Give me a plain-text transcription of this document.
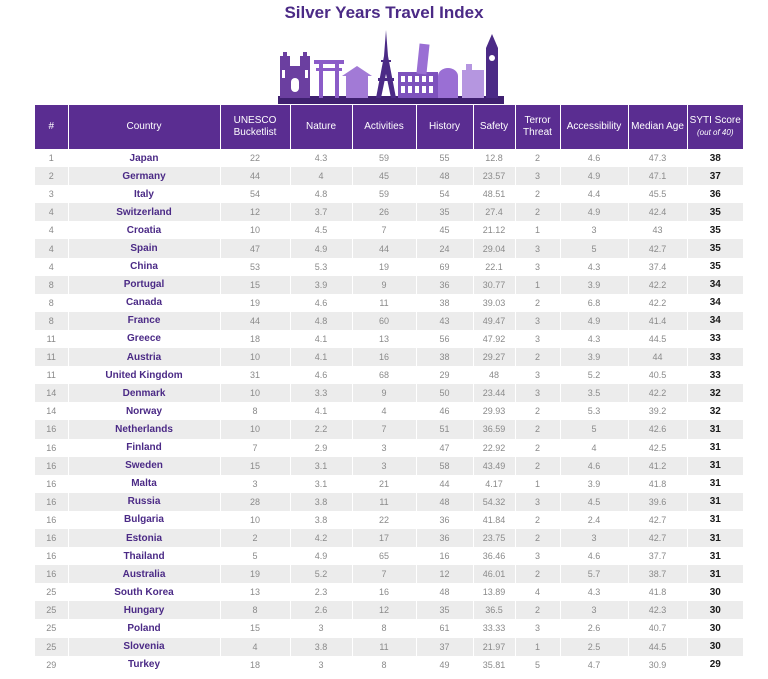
Silver Years Travel Index
#	Country	UNESCO Bucketlist	Nature	Activities	History	Safety	Terror Threat	Accessibility	Median Age	SYTI Score
(out of 40)

1	Japan	22	4.3	59	55	12.8	2	4.6	47.3	38
2	Germany	44	4	45	48	23.57	3	4.9	47.1	37
3	Italy	54	4.8	59	54	48.51	2	4.4	45.5	36
4	Switzerland	12	3.7	26	35	27.4	2	4.9	42.4	35
4	Croatia	10	4.5	7	45	21.12	1	3	43	35
4	Spain	47	4.9	44	24	29.04	3	5	42.7	35
4	China	53	5.3	19	69	22.1	3	4.3	37.4	35
8	Portugal	15	3.9	9	36	30.77	1	3.9	42.2	34
8	Canada	19	4.6	11	38	39.03	2	6.8	42.2	34
8	France	44	4.8	60	43	49.47	3	4.9	41.4	34
11	Greece	18	4.1	13	56	47.92	3	4.3	44.5	33
11	Austria	10	4.1	16	38	29.27	2	3.9	44	33
11	United Kingdom	31	4.6	68	29	48	3	5.2	40.5	33
14	Denmark	10	3.3	9	50	23.44	3	3.5	42.2	32
14	Norway	8	4.1	4	46	29.93	2	5.3	39.2	32
16	Netherlands	10	2.2	7	51	36.59	2	5	42.6	31
16	Finland	7	2.9	3	47	22.92	2	4	42.5	31
16	Sweden	15	3.1	3	58	43.49	2	4.6	41.2	31
16	Malta	3	3.1	21	44	4.17	1	3.9	41.8	31
16	Russia	28	3.8	11	48	54.32	3	4.5	39.6	31
16	Bulgaria	10	3.8	22	36	41.84	2	2.4	42.7	31
16	Estonia	2	4.2	17	36	23.75	2	3	42.7	31
16	Thailand	5	4.9	65	16	36.46	3	4.6	37.7	31
16	Australia	19	5.2	7	12	46.01	2	5.7	38.7	31
25	South Korea	13	2.3	16	48	13.89	4	4.3	41.8	30
25	Hungary	8	2.6	12	35	36.5	2	3	42.3	30
25	Poland	15	3	8	61	33.33	3	2.6	40.7	30
25	Slovenia	4	3.8	11	37	21.97	1	2.5	44.5	30
29	Turkey	18	3	8	49	35.81	5	4.7	30.9	29
